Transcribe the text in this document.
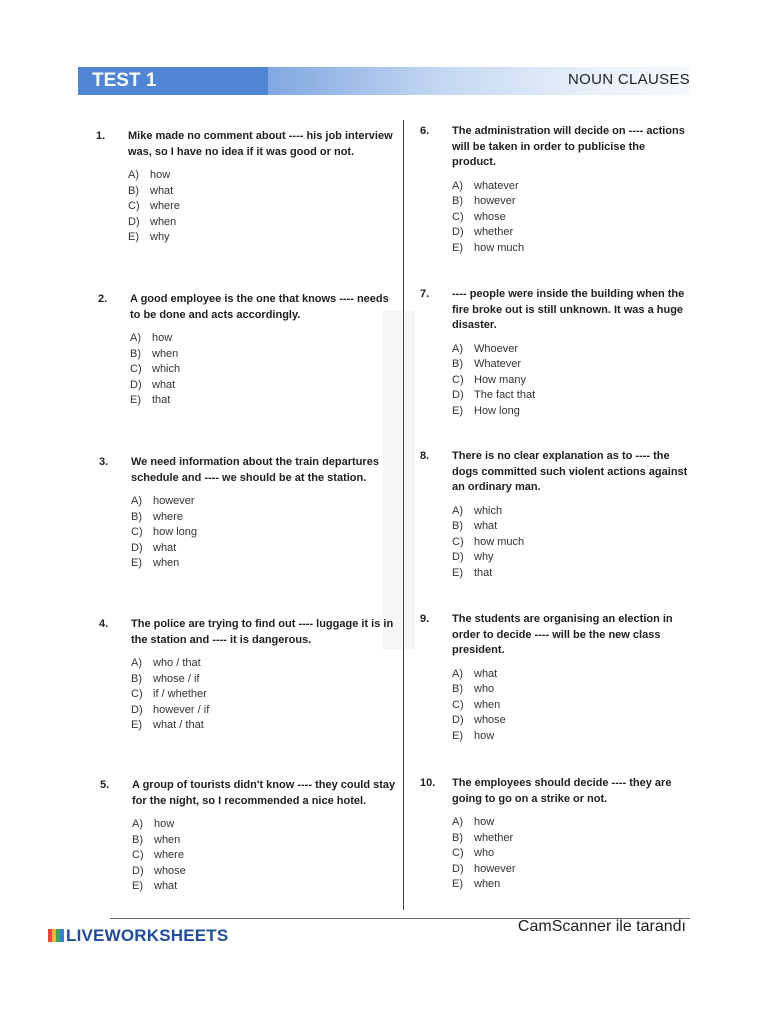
TEST 1	NOUN CLAUSES
1. Mike made no comment about ---- his job interview was, so I have no idea if it was good or not.

A) how
B) what
C) where
D) when
E) why
2. A good employee is the one that knows ---- needs to be done and acts accordingly.

A) how
B) when
C) which
D) what
E) that
3. We need information about the train departures schedule and ---- we should be at the station.

A) however
B) where
C) how long
D) what
E) when
4. The police are trying to find out ---- luggage it is in the station and ---- it is dangerous.

A) who / that
B) whose / if
C) if / whether
D) however / if
E) what / that
5. A group of tourists didn't know ---- they could stay for the night, so I recommended a nice hotel.

A) how
B) when
C) where
D) whose
E) what
6. The administration will decide on ---- actions will be taken in order to publicise the product.

A) whatever
B) however
C) whose
D) whether
E) how much
7. ---- people were inside the building when the fire broke out is still unknown. It was a huge disaster.

A) Whoever
B) Whatever
C) How many
D) The fact that
E) How long
8. There is no clear explanation as to ---- the dogs committed such violent actions against an ordinary man.

A) which
B) what
C) how much
D) why
E) that
9. The students are organising an election in order to decide ---- will be the new class president.

A) what
B) who
C) when
D) whose
E) how
10. The employees should decide ---- they are going to go on a strike or not.

A) how
B) whether
C) who
D) however
E) when
LIVEWORKSHEETS	CamScanner ile tarandı
